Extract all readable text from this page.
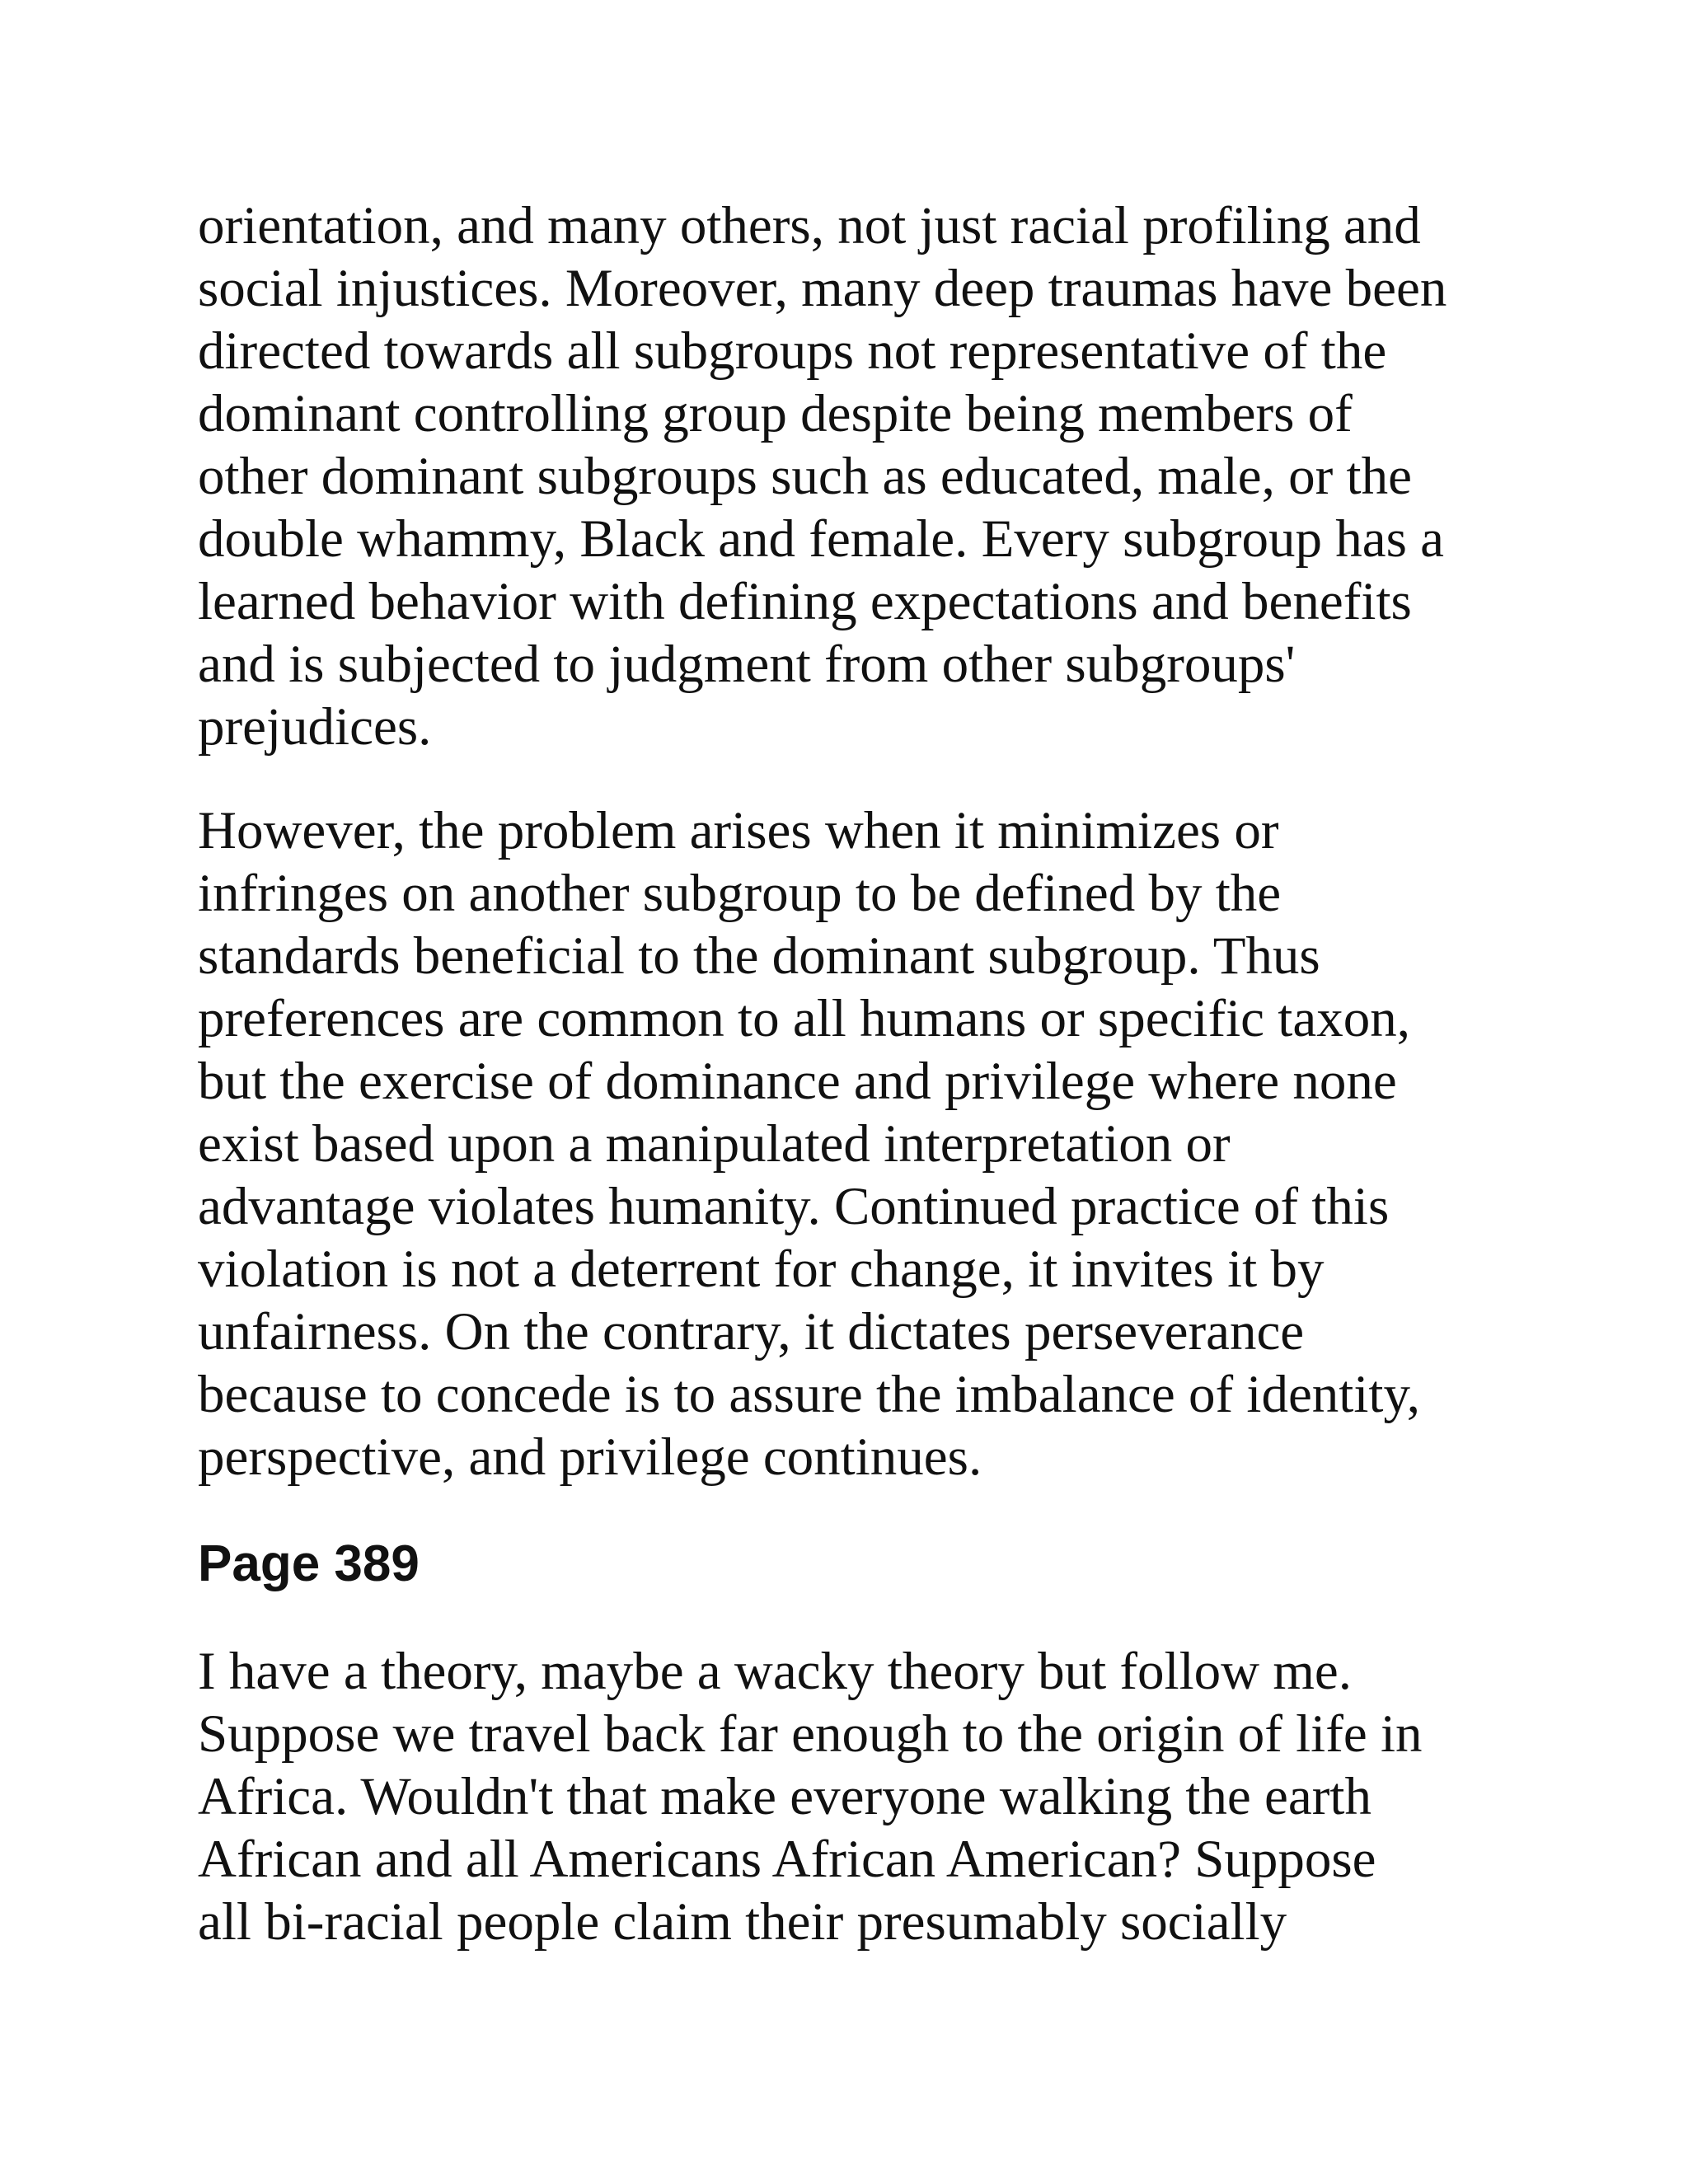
orientation, and many others, not just racial profiling and
social injustices. Moreover, many deep traumas have been
directed towards all subgroups not representative of the
dominant controlling group despite being members of
other dominant subgroups such as educated, male, or the
double whammy, Black and female. Every subgroup has a
learned behavior with defining expectations and benefits
and is subjected to judgment from other subgroups'
prejudices.
However, the problem arises when it minimizes or
infringes on another subgroup to be defined by the
standards beneficial to the dominant subgroup. Thus
preferences are common to all humans or specific taxon,
but the exercise of dominance and privilege where none
exist based upon a manipulated interpretation or
advantage violates humanity. Continued practice of this
violation is not a deterrent for change, it invites it by
unfairness. On the contrary, it dictates perseverance
because to concede is to assure the imbalance of identity,
perspective, and privilege continues.
Page 389
I have a theory, maybe a wacky theory but follow me.
Suppose we travel back far enough to the origin of life in
Africa. Wouldn't that make everyone walking the earth
African and all Americans African American? Suppose
all bi-racial people claim their presumably socially
